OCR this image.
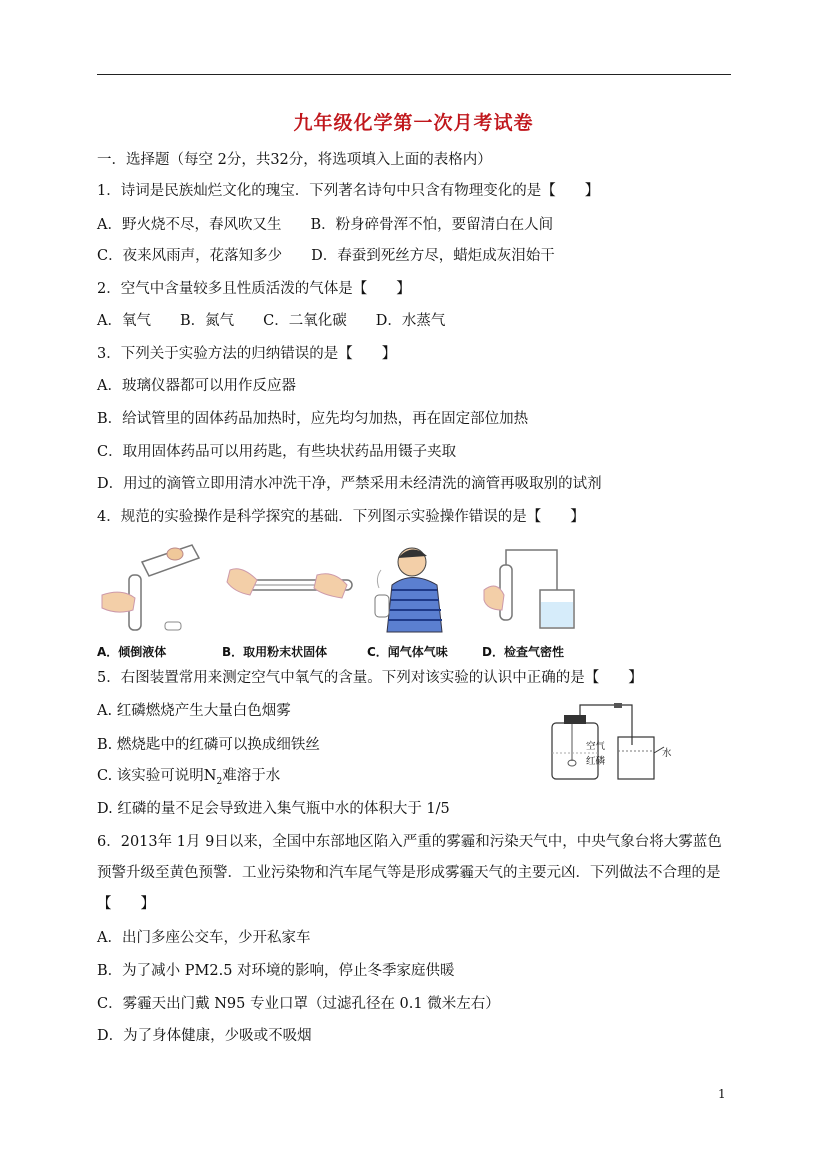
九年级化学第一次月考试卷
一．选择题（每空 2分，共32分，将选项填入上面的表格内）
1．诗词是民族灿烂文化的瑰宝．下列著名诗句中只含有物理变化的是【　　】
A．野火烧不尽，春风吹又生　　B．粉身碎骨浑不怕，要留清白在人间
C．夜来风雨声，花落知多少　　D．春蚕到死丝方尽，蜡炬成灰泪始干
2．空气中含量较多且性质活泼的气体是【　　】
A．氧气　　B．氮气　　C．二氧化碳　　D．水蒸气
3．下列关于实验方法的归纳错误的是【　　】
A．玻璃仪器都可以用作反应器
B．给试管里的固体药品加热时，应先均匀加热，再在固定部位加热
C．取用固体药品可以用药匙，有些块状药品用镊子夹取
D．用过的滴管立即用清水冲洗干净，严禁采用未经清洗的滴管再吸取别的试剂
4．规范的实验操作是科学探究的基础．下列图示实验操作错误的是【　　】
A．倾倒液体	B．取用粉末状固体	C．闻气体气味	D．检查气密性
5．右图装置常用来测定空气中氧气的含量。下列对该实验的认识中正确的是【　　】
A. 红磷燃烧产生大量白色烟雾
B. 燃烧匙中的红磷可以换成细铁丝
C. 该实验可说明$N_2$难溶于水
D. 红磷的量不足会导致进入集气瓶中水的体积大于 1/5
空气
红磷
水
6．2013年 1月 9日以来，全国中东部地区陷入严重的雾霾和污染天气中，中央气象台将大雾蓝色
预警升级至黄色预警．工业污染物和汽车尾气等是形成雾霾天气的主要元凶．下列做法不合理的是
【　　】
A．出门多座公交车，少开私家车
B．为了减小 PM2.5 对环境的影响，停止冬季家庭供暖
C．雾霾天出门戴 N95 专业口罩（过滤孔径在 0.1 微米左右）
D．为了身体健康，少吸或不吸烟
1
